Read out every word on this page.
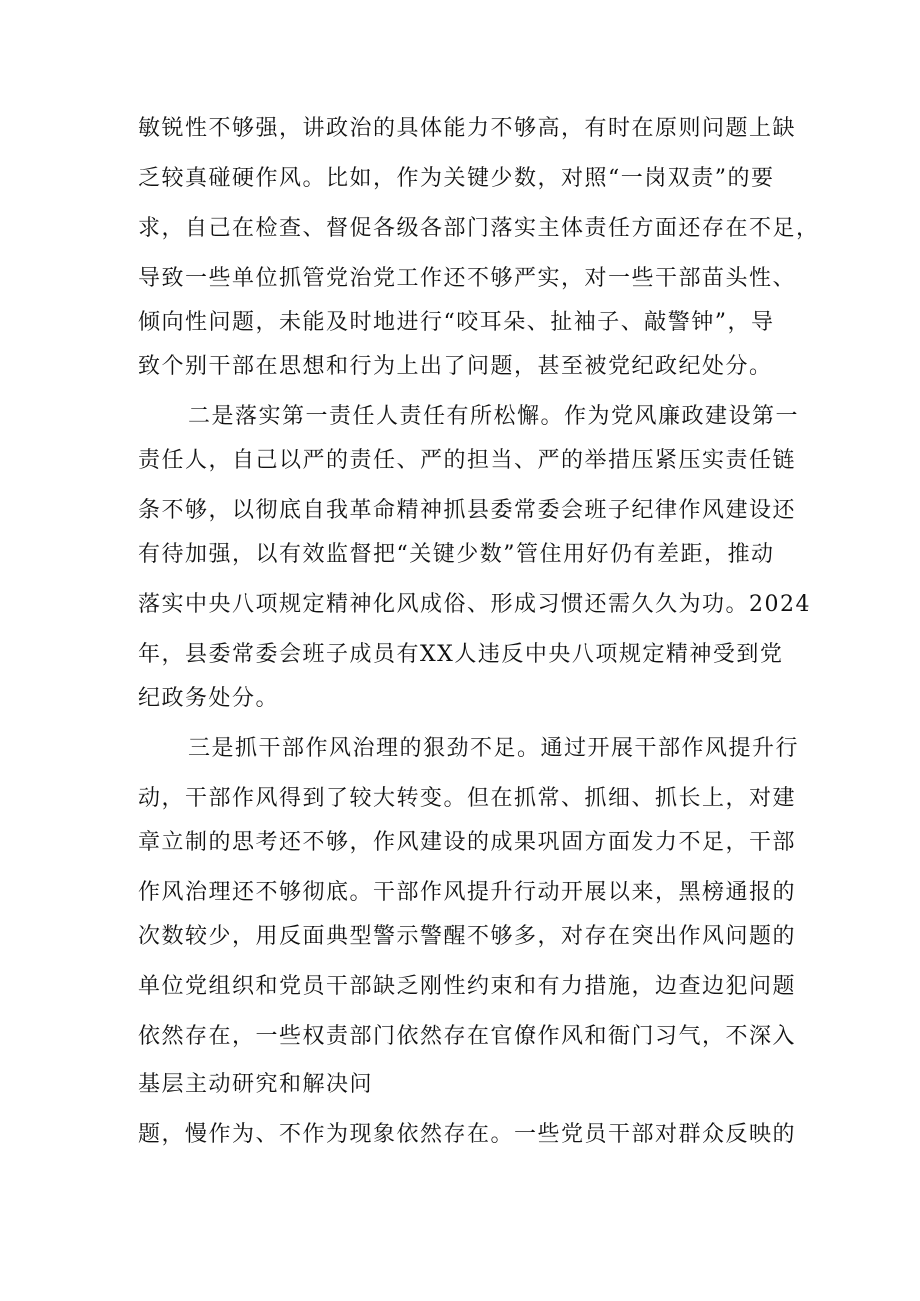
敏锐性不够强，讲政治的具体能力不够高，有时在原则问题上缺
乏较真碰硬作风。比如，作为关键少数，对照“一岗双责”的要
求，自己在检查、督促各级各部门落实主体责任方面还存在不足，
导致一些单位抓管党治党工作还不够严实，对一些干部苗头性、
倾向性问题，未能及时地进行“咬耳朵、扯袖子、敲警钟”，导
致个别干部在思想和行为上出了问题，甚至被党纪政纪处分。
二是落实第一责任人责任有所松懈。作为党风廉政建设第一
责任人，自己以严的责任、严的担当、严的举措压紧压实责任链
条不够，以彻底自我革命精神抓县委常委会班子纪律作风建设还
有待加强，以有效监督把“关键少数”管住用好仍有差距，推动
落实中央八项规定精神化风成俗、形成习惯还需久久为功。2024
年，县委常委会班子成员有XX人违反中央八项规定精神受到党
纪政务处分。
三是抓干部作风治理的狠劲不足。通过开展干部作风提升行
动，干部作风得到了较大转变。但在抓常、抓细、抓长上，对建
章立制的思考还不够，作风建设的成果巩固方面发力不足，干部
作风治理还不够彻底。干部作风提升行动开展以来，黑榜通报的
次数较少，用反面典型警示警醒不够多，对存在突出作风问题的
单位党组织和党员干部缺乏刚性约束和有力措施，边查边犯问题
依然存在，一些权责部门依然存在官僚作风和衙门习气，不深入
基层主动研究和解决问
题，慢作为、不作为现象依然存在。一些党员干部对群众反映的
